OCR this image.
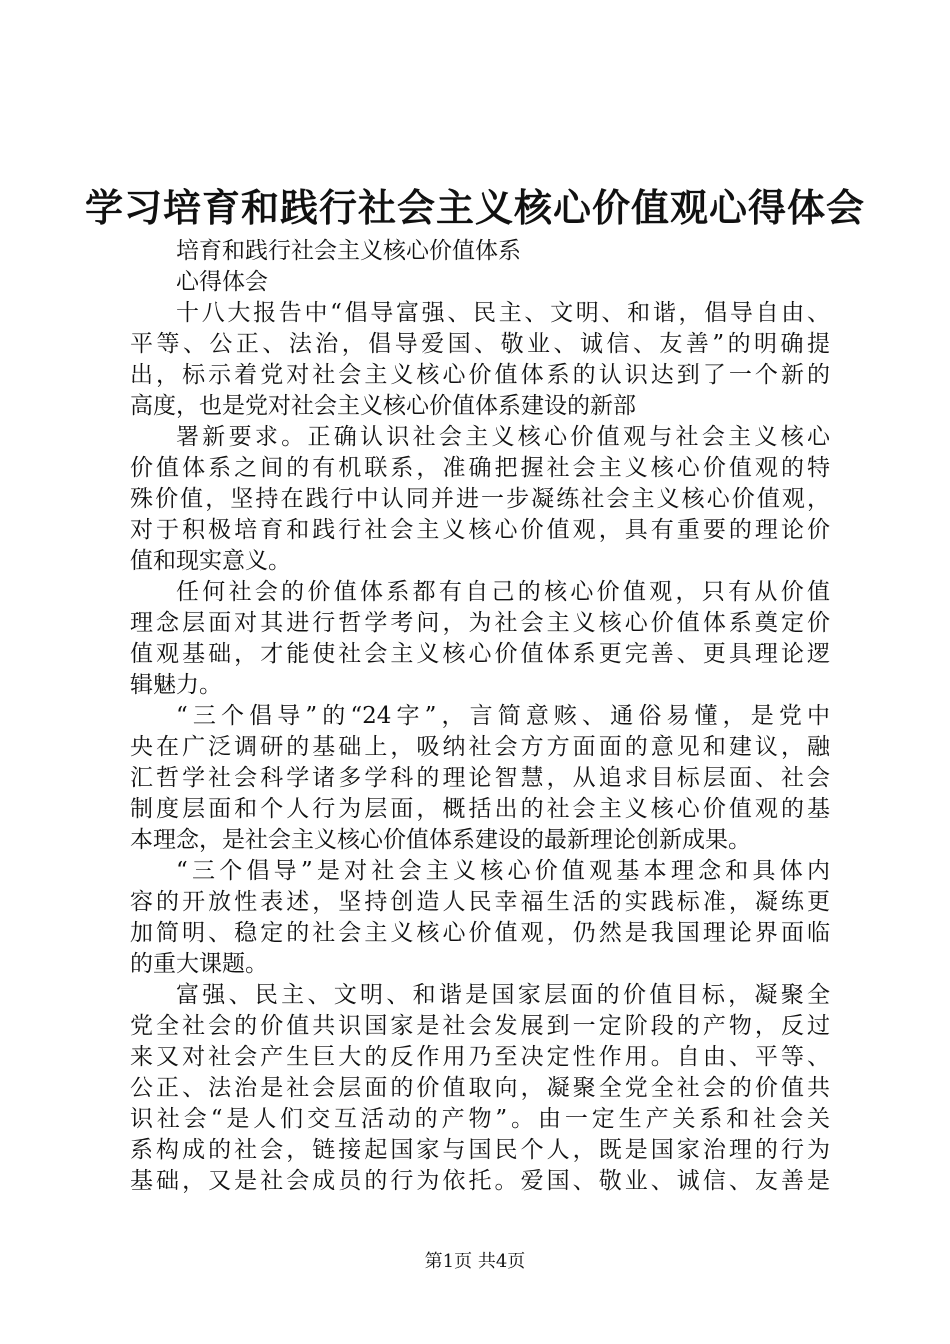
学习培育和践行社会主义核心价值观心得体会
培育和践行社会主义核心价值体系
心得体会
十八大报告中“倡导富强、民主、文明、和谐，倡导自由、
平等、公正、法治，倡导爱国、敬业、诚信、友善”的明确提
出，标示着党对社会主义核心价值体系的认识达到了一个新的
高度，也是党对社会主义核心价值体系建设的新部
署新要求。正确认识社会主义核心价值观与社会主义核心
价值体系之间的有机联系，准确把握社会主义核心价值观的特
殊价值，坚持在践行中认同并进一步凝练社会主义核心价值观，
对于积极培育和践行社会主义核心价值观，具有重要的理论价
值和现实意义。
任何社会的价值体系都有自己的核心价值观，只有从价值
理念层面对其进行哲学考问，为社会主义核心价值体系奠定价
值观基础，才能使社会主义核心价值体系更完善、更具理论逻
辑魅力。
“三个倡导”的“24字”，言简意赅、通俗易懂，是党中
央在广泛调研的基础上，吸纳社会方方面面的意见和建议，融
汇哲学社会科学诸多学科的理论智慧，从追求目标层面、社会
制度层面和个人行为层面，概括出的社会主义核心价值观的基
本理念，是社会主义核心价值体系建设的最新理论创新成果。
“三个倡导”是对社会主义核心价值观基本理念和具体内
容的开放性表述，坚持创造人民幸福生活的实践标准，凝练更
加简明、稳定的社会主义核心价值观，仍然是我国理论界面临
的重大课题。
富强、民主、文明、和谐是国家层面的价值目标，凝聚全
党全社会的价值共识国家是社会发展到一定阶段的产物，反过
来又对社会产生巨大的反作用乃至决定性作用。自由、平等、
公正、法治是社会层面的价值取向，凝聚全党全社会的价值共
识社会“是人们交互活动的产物”。由一定生产关系和社会关
系构成的社会，链接起国家与国民个人，既是国家治理的行为
基础，又是社会成员的行为依托。爱国、敬业、诚信、友善是
第1页 共4页
